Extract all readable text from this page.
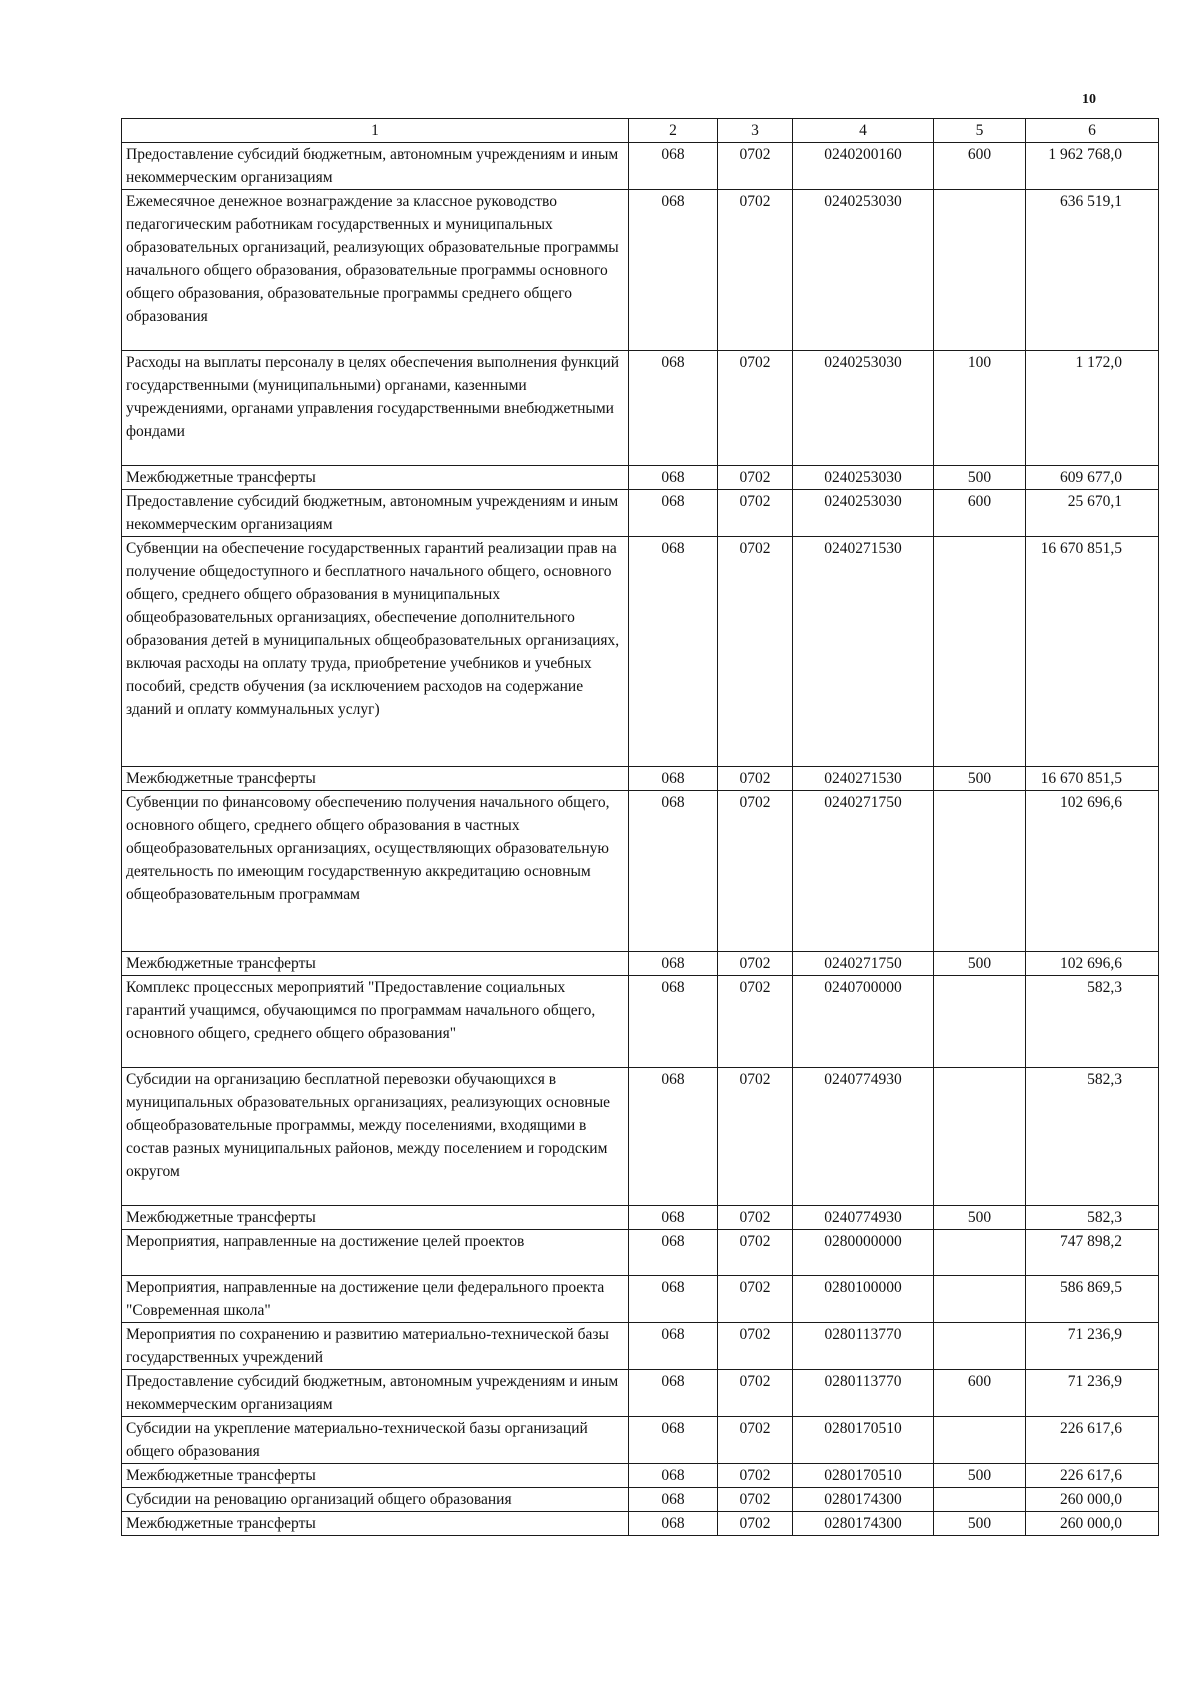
10
1	2	3	4	5	6
Предоставление субсидий бюджетным, автономным учреждениям и иным некоммерческим организациям	068	0702	0240200160	600	1 962 768,0
Ежемесячное денежное вознаграждение за классное руководство педагогическим работникам государственных и муниципальных образовательных организаций, реализующих образовательные программы начального общего образования, образовательные программы основного общего образования, образовательные программы среднего общего образования	068	0702	0240253030		636 519,1
Расходы на выплаты персоналу в целях обеспечения выполнения функций государственными (муниципальными) органами, казенными учреждениями, органами управления государственными внебюджетными фондами	068	0702	0240253030	100	1 172,0
Межбюджетные трансферты	068	0702	0240253030	500	609 677,0
Предоставление субсидий бюджетным, автономным учреждениям и иным некоммерческим организациям	068	0702	0240253030	600	25 670,1
Субвенции на обеспечение государственных гарантий реализации прав на получение общедоступного и бесплатного начального общего, основного общего, среднего общего образования в муниципальных общеобразовательных организациях, обеспечение дополнительного образования детей в муниципальных общеобразовательных организациях, включая расходы на оплату труда, приобретение учебников и учебных пособий, средств обучения (за исключением расходов на содержание зданий и оплату коммунальных услуг)	068	0702	0240271530		16 670 851,5
Межбюджетные трансферты	068	0702	0240271530	500	16 670 851,5
Субвенции по финансовому обеспечению получения начального общего, основного общего, среднего общего образования в частных общеобразовательных организациях, осуществляющих образовательную деятельность по имеющим государственную аккредитацию основным общеобразовательным программам	068	0702	0240271750		102 696,6
Межбюджетные трансферты	068	0702	0240271750	500	102 696,6
Комплекс процессных мероприятий "Предоставление социальных гарантий учащимся, обучающимся по программам начального общего, основного общего, среднего общего образования"	068	0702	0240700000		582,3
Субсидии на организацию бесплатной перевозки обучающихся в муниципальных образовательных организациях, реализующих основные общеобразовательные программы, между поселениями, входящими в состав разных муниципальных районов, между поселением и городским округом	068	0702	0240774930		582,3
Межбюджетные трансферты	068	0702	0240774930	500	582,3
Мероприятия, направленные на достижение целей проектов	068	0702	0280000000		747 898,2
Мероприятия, направленные на достижение цели федерального проекта "Современная школа"	068	0702	0280100000		586 869,5
Мероприятия по сохранению и развитию материально-технической базы государственных учреждений	068	0702	0280113770		71 236,9
Предоставление субсидий бюджетным, автономным учреждениям и иным некоммерческим организациям	068	0702	0280113770	600	71 236,9
Субсидии на укрепление материально-технической базы организаций общего образования	068	0702	0280170510		226 617,6
Межбюджетные трансферты	068	0702	0280170510	500	226 617,6
Субсидии на реновацию организаций общего образования	068	0702	0280174300		260 000,0
Межбюджетные трансферты	068	0702	0280174300	500	260 000,0
